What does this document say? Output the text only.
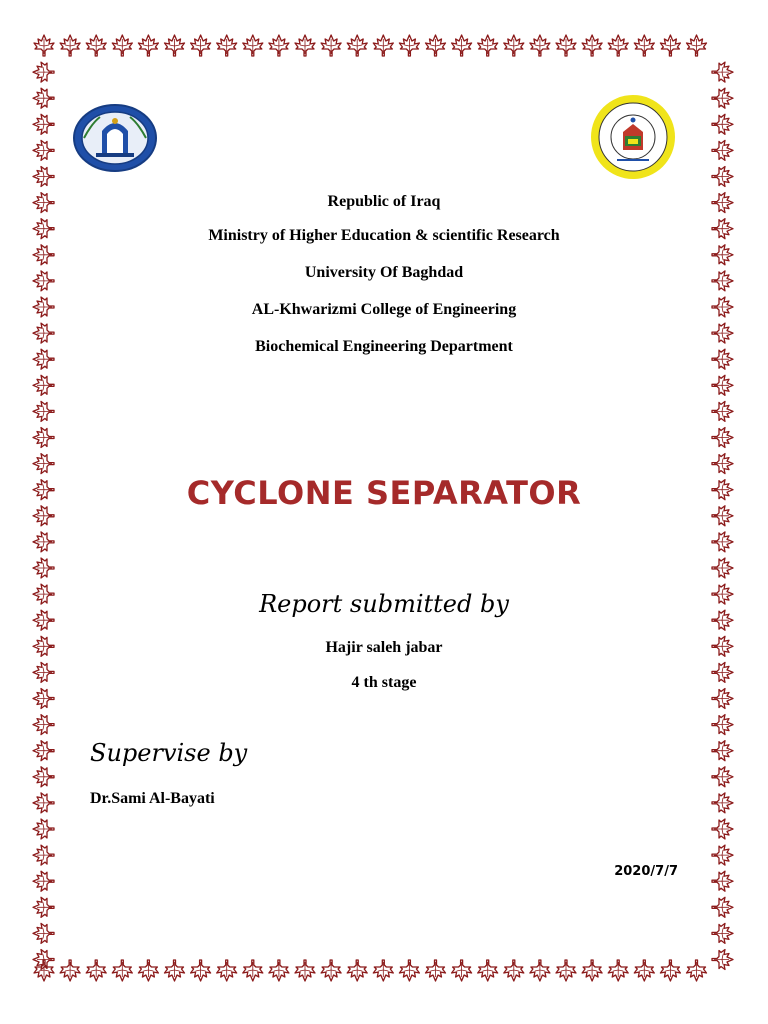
Republic of Iraq
Ministry of Higher Education & scientific Research
University Of Baghdad
AL-Khwarizmi College of Engineering
Biochemical Engineering Department
CYCLONE SEPARATOR
Report submitted by
Hajir saleh jabar
4 th stage
Supervise by
Dr.Sami Al-Bayati
2020/7/7
